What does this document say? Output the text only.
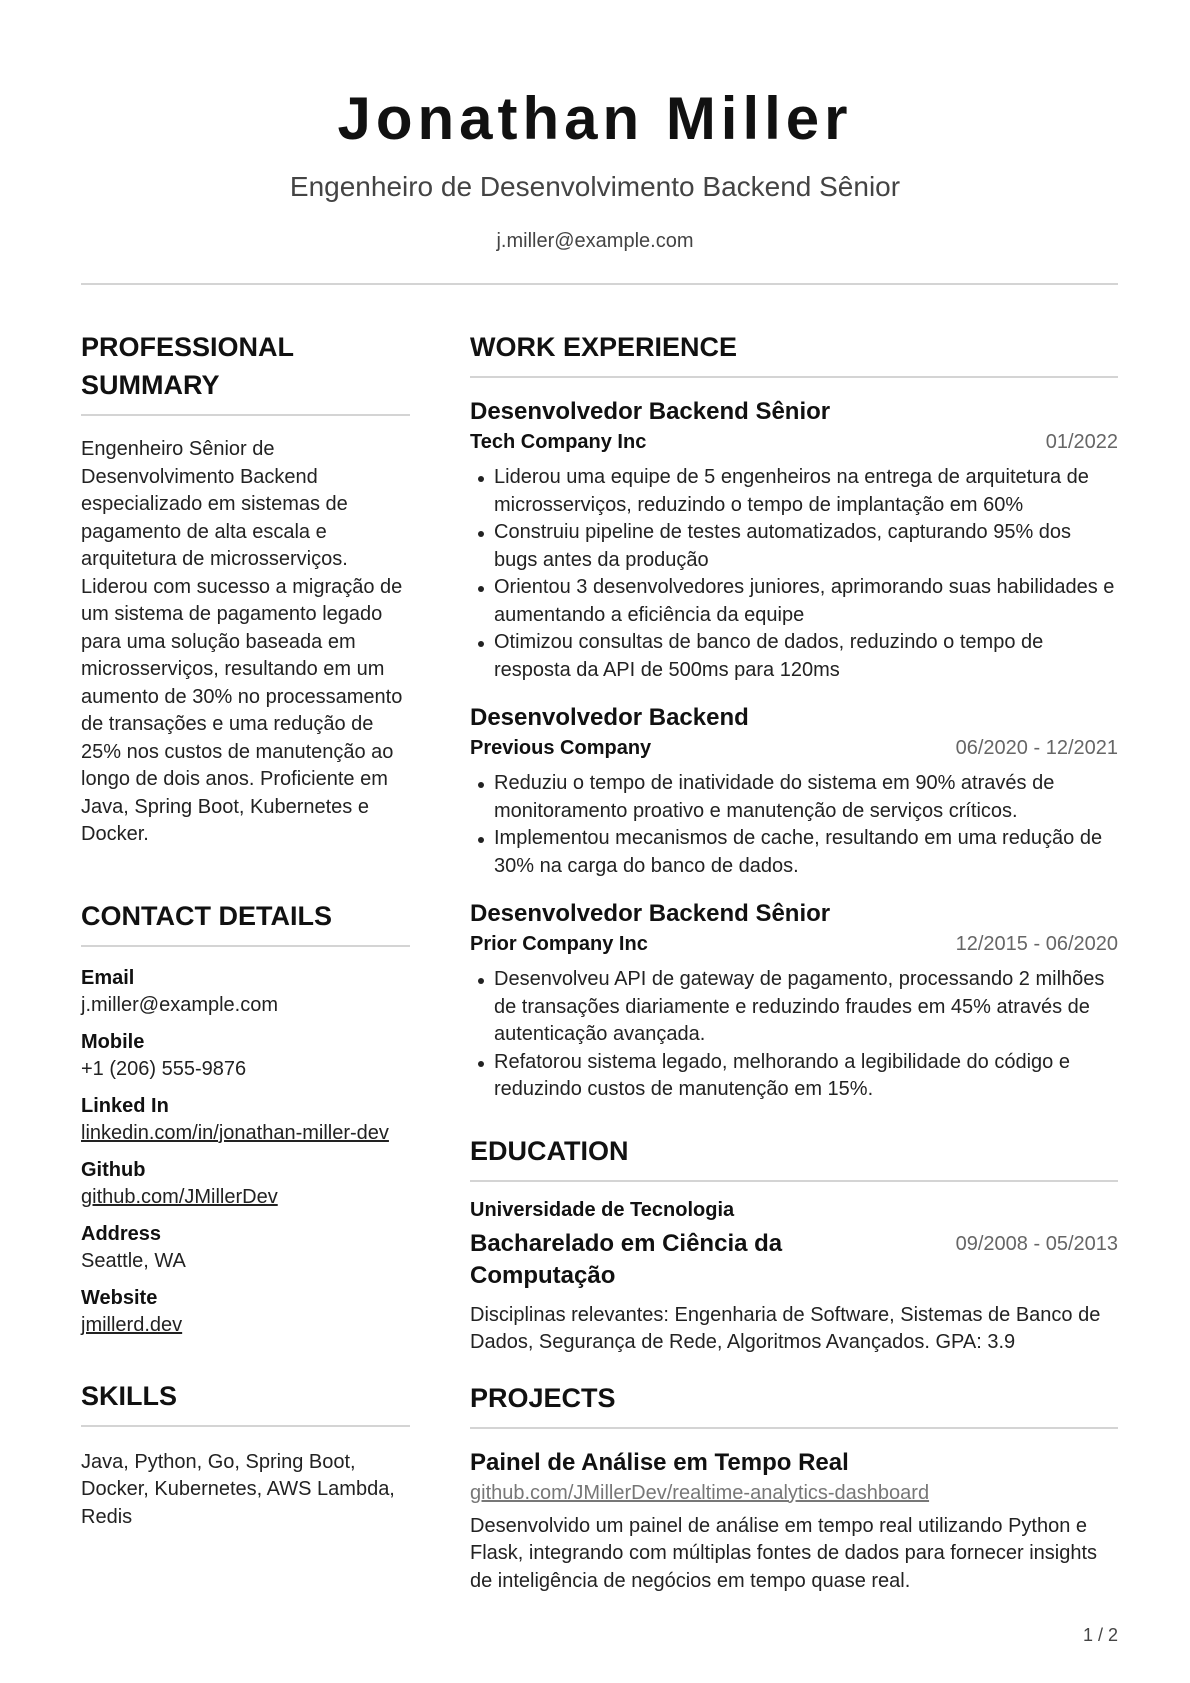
Jonathan Miller
Engenheiro de Desenvolvimento Backend Sênior
j.miller@example.com
PROFESSIONAL SUMMARY
Engenheiro Sênior de Desenvolvimento Backend especializado em sistemas de pagamento de alta escala e arquitetura de microsserviços. Liderou com sucesso a migração de um sistema de pagamento legado para uma solução baseada em microsserviços, resultando em um aumento de 30% no processamento de transações e uma redução de 25% nos custos de manutenção ao longo de dois anos. Proficiente em Java, Spring Boot, Kubernetes e Docker.
CONTACT DETAILS
Email
j.miller@example.com
Mobile
+1 (206) 555-9876
Linked In
linkedin.com/in/jonathan-miller-dev
Github
github.com/JMillerDev
Address
Seattle, WA
Website
jmillerd.dev
SKILLS
Java, Python, Go, Spring Boot, Docker, Kubernetes, AWS Lambda, Redis
WORK EXPERIENCE
Desenvolvedor Backend Sênior
Tech Company Inc	01/2022
Liderou uma equipe de 5 engenheiros na entrega de arquitetura de microsserviços, reduzindo o tempo de implantação em 60%
Construiu pipeline de testes automatizados, capturando 95% dos bugs antes da produção
Orientou 3 desenvolvedores juniores, aprimorando suas habilidades e aumentando a eficiência da equipe
Otimizou consultas de banco de dados, reduzindo o tempo de resposta da API de 500ms para 120ms
Desenvolvedor Backend
Previous Company	06/2020 - 12/2021
Reduziu o tempo de inatividade do sistema em 90% através de monitoramento proativo e manutenção de serviços críticos.
Implementou mecanismos de cache, resultando em uma redução de 30% na carga do banco de dados.
Desenvolvedor Backend Sênior
Prior Company Inc	12/2015 - 06/2020
Desenvolveu API de gateway de pagamento, processando 2 milhões de transações diariamente e reduzindo fraudes em 45% através de autenticação avançada.
Refatorou sistema legado, melhorando a legibilidade do código e reduzindo custos de manutenção em 15%.
EDUCATION
Universidade de Tecnologia
Bacharelado em Ciência da Computação
09/2008 - 05/2013
Disciplinas relevantes: Engenharia de Software, Sistemas de Banco de Dados, Segurança de Rede, Algoritmos Avançados. GPA: 3.9
PROJECTS
Painel de Análise em Tempo Real
github.com/JMillerDev/realtime-analytics-dashboard
Desenvolvido um painel de análise em tempo real utilizando Python e Flask, integrando com múltiplas fontes de dados para fornecer insights de inteligência de negócios em tempo quase real.
1 / 2
